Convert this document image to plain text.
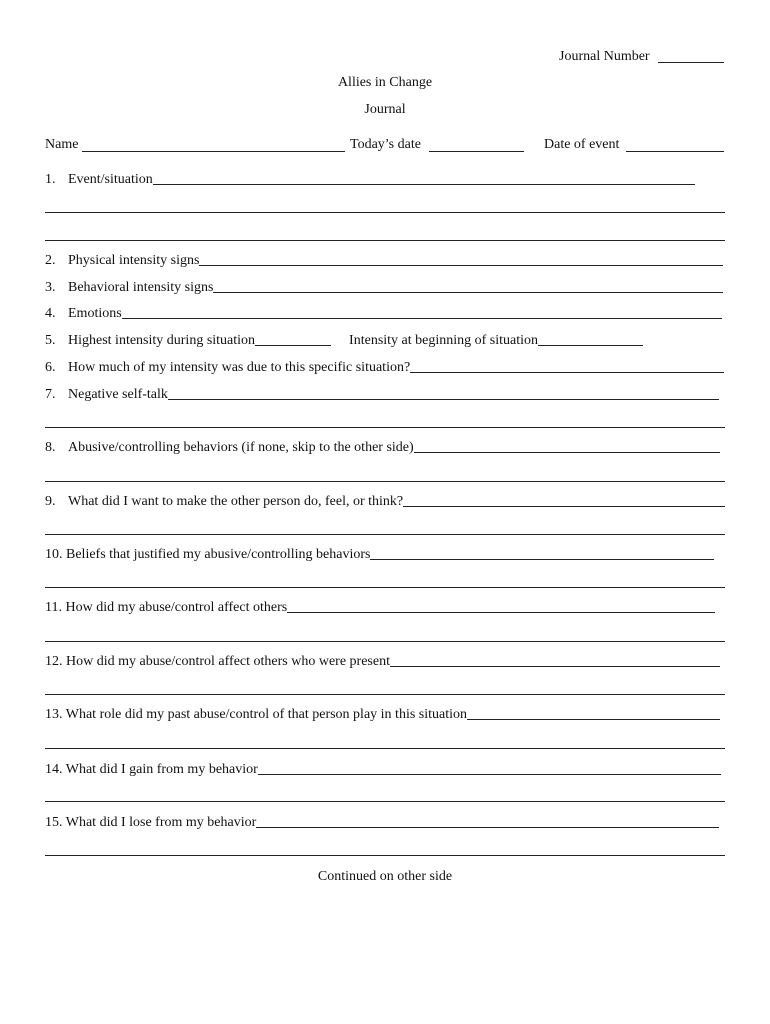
Journal Number
Allies in Change
Journal
Name	Today’s date	Date of event
1. Event/situation
2. Physical intensity signs
3. Behavioral intensity signs
4. Emotions
5. Highest intensity during situation	Intensity at beginning of situation
6. How much of my intensity was due to this specific situation?
7. Negative self-talk
8. Abusive/controlling behaviors (if none, skip to the other side)
9. What did I want to make the other person do, feel, or think?
10. Beliefs that justified my abusive/controlling behaviors
11. How did my abuse/control affect others
12. How did my abuse/control affect others who were present
13. What role did my past abuse/control of that person play in this situation
14. What did I gain from my behavior
15. What did I lose from my behavior
Continued on other side
